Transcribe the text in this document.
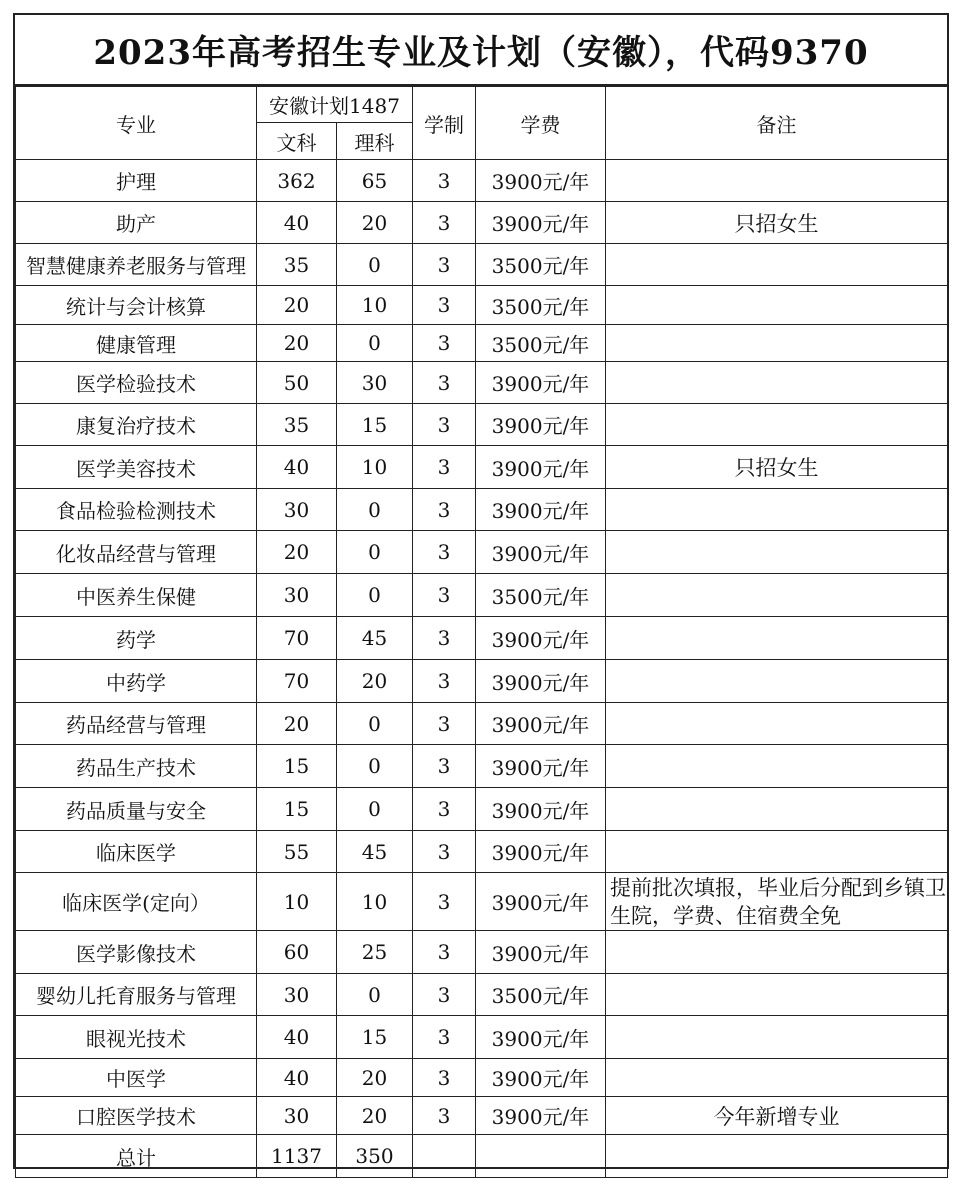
2023年高考招生专业及计划（安徽），代码9370
专业	安徽计划1487		学制	学费	备注
	文科	理科			
护理	362	65	3	3900元/年	
助产	40	20	3	3900元/年	只招女生
智慧健康养老服务与管理	35	0	3	3500元/年	
统计与会计核算	20	10	3	3500元/年	
健康管理	20	0	3	3500元/年	
医学检验技术	50	30	3	3900元/年	
康复治疗技术	35	15	3	3900元/年	
医学美容技术	40	10	3	3900元/年	只招女生
食品检验检测技术	30	0	3	3900元/年	
化妆品经营与管理	20	0	3	3900元/年	
中医养生保健	30	0	3	3500元/年	
药学	70	45	3	3900元/年	
中药学	70	20	3	3900元/年	
药品经营与管理	20	0	3	3900元/年	
药品生产技术	15	0	3	3900元/年	
药品质量与安全	15	0	3	3900元/年	
临床医学	55	45	3	3900元/年	
临床医学(定向）	10	10	3	3900元/年	提前批次填报，毕业后分配到乡镇卫生院，学费、住宿费全免
医学影像技术	60	25	3	3900元/年	
婴幼儿托育服务与管理	30	0	3	3500元/年	
眼视光技术	40	15	3	3900元/年	
中医学	40	20	3	3900元/年	
口腔医学技术	30	20	3	3900元/年	今年新增专业
总计	1137	350			
